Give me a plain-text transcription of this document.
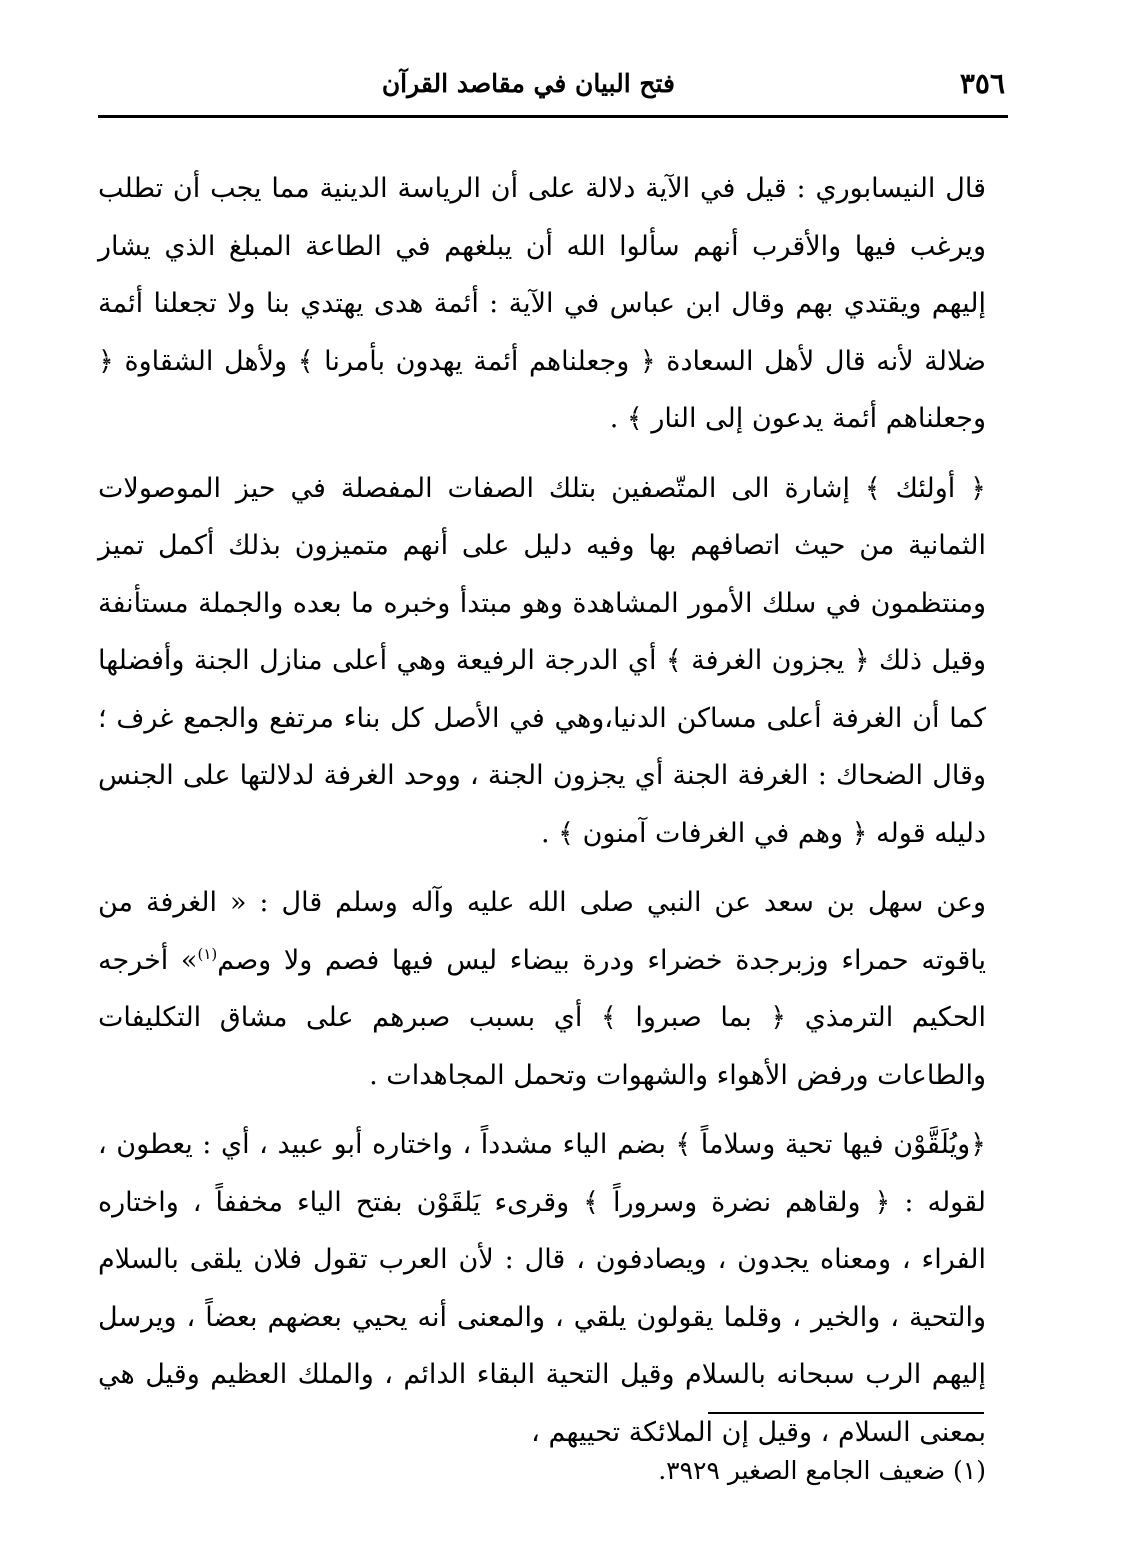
٣٥٦
فتح البيان في مقاصد القرآن

قال النيسابوري : قيل في الآية دلالة على أن الرياسة الدينية مما يجب أن تطلب ويرغب فيها والأقرب أنهم سألوا الله أن يبلغهم في الطاعة المبلغ الذي يشار إليهم ويقتدي بهم وقال ابن عباس في الآية : أئمة هدى يهتدي بنا ولا تجعلنا أئمة ضلالة لأنه قال لأهل السعادة ﴿ وجعلناهم أئمة يهدون بأمرنا ﴾ ولأهل الشقاوة ﴿ وجعلناهم أئمة يدعون إلى النار ﴾ .

﴿ أولئك ﴾ إشارة الى المتّصفين بتلك الصفات المفصلة في حيز الموصولات الثمانية من حيث اتصافهم بها وفيه دليل على أنهم متميزون بذلك أكمل تميز ومنتظمون في سلك الأمور المشاهدة وهو مبتدأ وخبره ما بعده والجملة مستأنفة وقيل ذلك ﴿ يجزون الغرفة ﴾ أي الدرجة الرفيعة وهي أعلى منازل الجنة وأفضلها كما أن الغرفة أعلى مساكن الدنيا،وهي في الأصل كل بناء مرتفع والجمع غرف ؛ وقال الضحاك : الغرفة الجنة أي يجزون الجنة ، ووحد الغرفة لدلالتها على الجنس دليله قوله ﴿ وهم في الغرفات آمنون ﴾ .

وعن سهل بن سعد عن النبي صلى الله عليه وآله وسلم قال : « الغرفة من ياقوته حمراء وزبرجدة خضراء ودرة بيضاء ليس فيها فصم ولا وصم$^{(١)}$» أخرجه الحكيم الترمذي ﴿ بما صبروا ﴾ أي بسبب صبرهم على مشاق التكليفات والطاعات ورفض الأهواء والشهوات وتحمل المجاهدات .

﴿ويُلَقَّوْن فيها تحية وسلاماً ﴾ بضم الياء مشدداً ، واختاره أبو عبيد ، أي : يعطون ، لقوله : ﴿ ولقاهم نضرة وسروراً ﴾ وقرىء يَلقَوْن بفتح الياء مخففاً ، واختاره الفراء ، ومعناه يجدون ، ويصادفون ، قال : لأن العرب تقول فلان يلقى بالسلام والتحية ، والخير ، وقلما يقولون يلقي ، والمعنى أنه يحيي بعضهم بعضاً ، ويرسل إليهم الرب سبحانه بالسلام وقيل التحية البقاء الدائم ، والملك العظيم وقيل هي بمعنى السلام ، وقيل إن الملائكة تحييهم ،

(١) ضعيف الجامع الصغير ٣٩٢٩.
